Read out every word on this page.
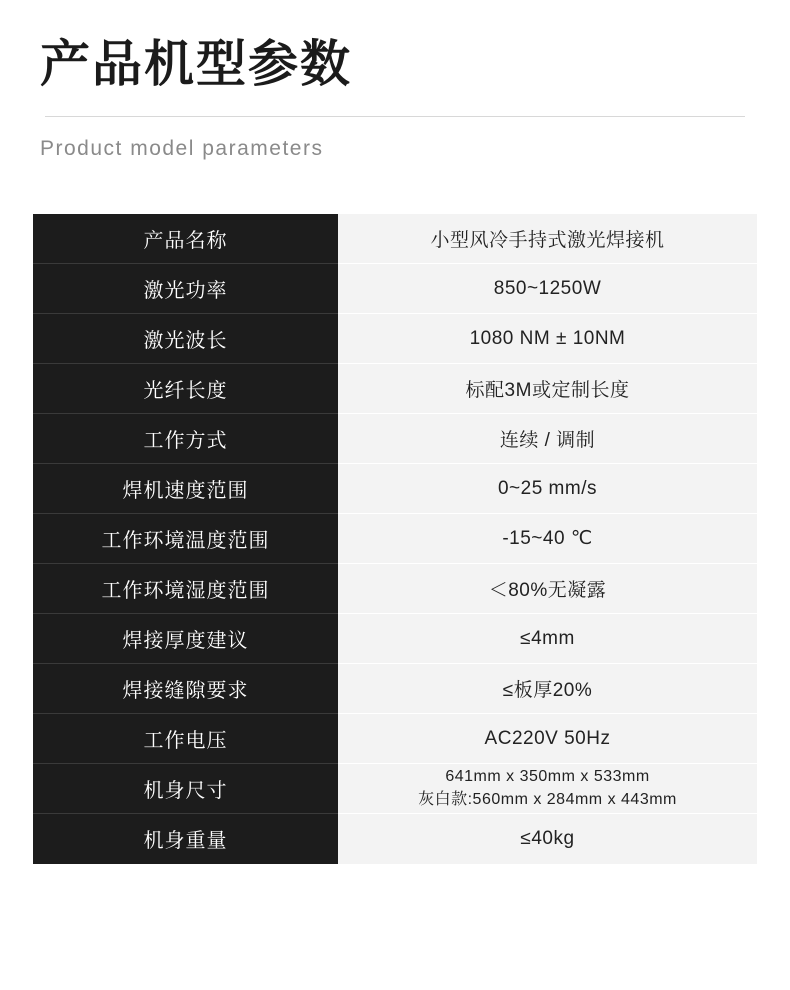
产品机型参数
Product model parameters
产品名称	小型风冷手持式激光焊接机
激光功率	850~1250W
激光波长	1080 NM ± 10NM
光纤长度	标配3M或定制长度
工作方式	连续 / 调制
焊机速度范围	0~25 mm/s
工作环境温度范围	-15~40 ℃
工作环境湿度范围	＜80%无凝露
焊接厚度建议	≤4mm
焊接缝隙要求	≤板厚20%
工作电压	AC220V 50Hz
机身尺寸	641mm x 350mm x 533mm
灰白款:560mm x 284mm x 443mm

机身重量	≤40kg
